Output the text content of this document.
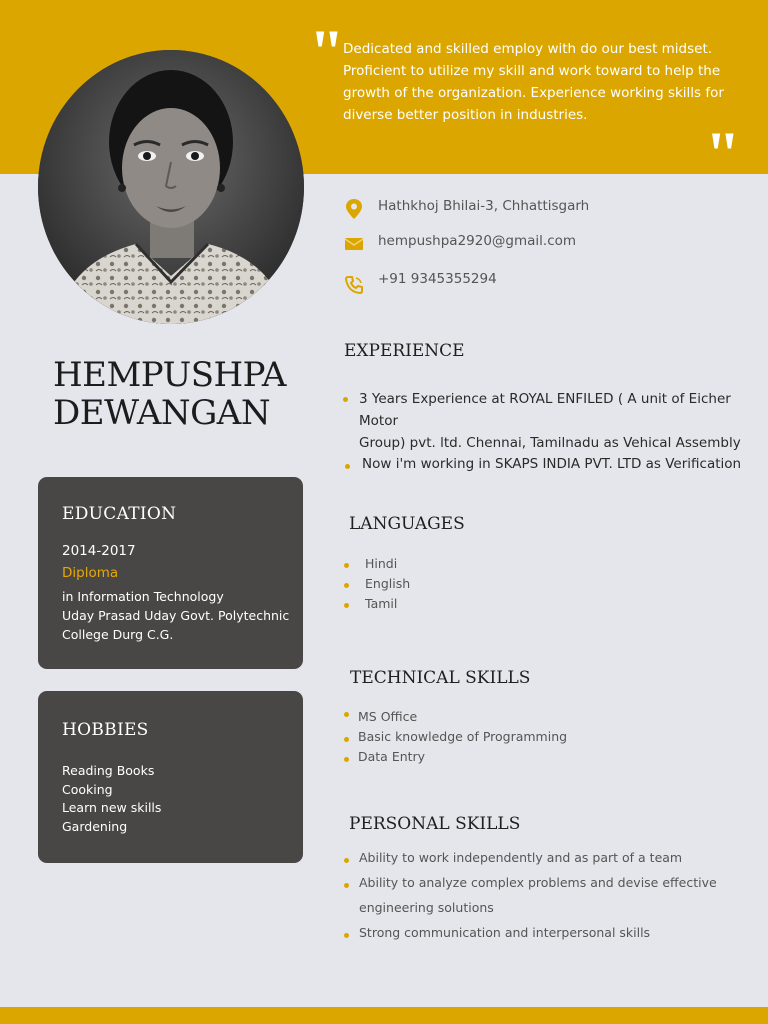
"
"

Dedicated and skilled employ with do our best midset.

Proficient to utilize my skill and work toward to help the

growth of the organization. Experience working skills for

diverse better position in industries.

HEMPUSHPA
DEWANGAN
EDUCATION
2014-2017
Diploma
in Information Technology
Uday Prasad Uday Govt. Polytechnic
College Durg C.G.
HOBBIES
Reading Books
Cooking
Learn new skills
Gardening
Hathkhoj Bhilai-3, Chhattisgarh
hempushpa2920@gmail.com
+91 9345355294
EXPERIENCE
3 Years Experience at ROYAL ENFILED ( A unit of Eicher Motor
Group) pvt. ltd. Chennai, Tamilnadu as Vehical Assembly
Now i'm working in SKAPS INDIA PVT. LTD as Verification
LANGUAGES
Hindi
English
Tamil
TECHNICAL SKILLS
MS Office
Basic knowledge of Programming
Data Entry
PERSONAL SKILLS
Ability to work independently and as part of a team
Ability to analyze complex problems and devise effective
engineering solutions
Strong communication and interpersonal skills
